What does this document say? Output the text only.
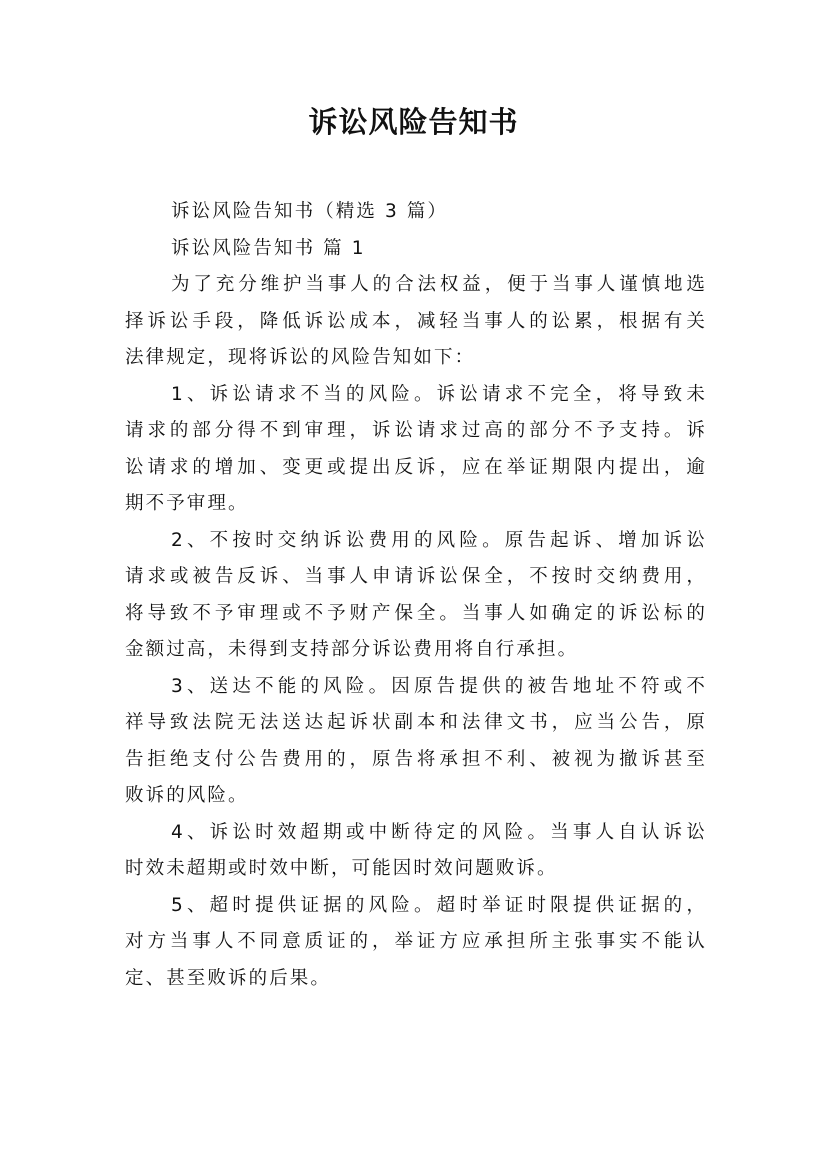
诉讼风险告知书
诉讼风险告知书（精选 3 篇）
诉讼风险告知书 篇 1
为了充分维护当事人的合法权益，便于当事人谨慎地选
择诉讼手段，降低诉讼成本，减轻当事人的讼累，根据有关
法律规定，现将诉讼的风险告知如下：
1、诉讼请求不当的风险。诉讼请求不完全，将导致未
请求的部分得不到审理，诉讼请求过高的部分不予支持。诉
讼请求的增加、变更或提出反诉，应在举证期限内提出，逾
期不予审理。
2、不按时交纳诉讼费用的风险。原告起诉、增加诉讼
请求或被告反诉、当事人申请诉讼保全，不按时交纳费用，
将导致不予审理或不予财产保全。当事人如确定的诉讼标的
金额过高，未得到支持部分诉讼费用将自行承担。
3、送达不能的风险。因原告提供的被告地址不符或不
祥导致法院无法送达起诉状副本和法律文书，应当公告，原
告拒绝支付公告费用的，原告将承担不利、被视为撤诉甚至
败诉的风险。
4、诉讼时效超期或中断待定的风险。当事人自认诉讼
时效未超期或时效中断，可能因时效问题败诉。
5、超时提供证据的风险。超时举证时限提供证据的，
对方当事人不同意质证的，举证方应承担所主张事实不能认
定、甚至败诉的后果。
